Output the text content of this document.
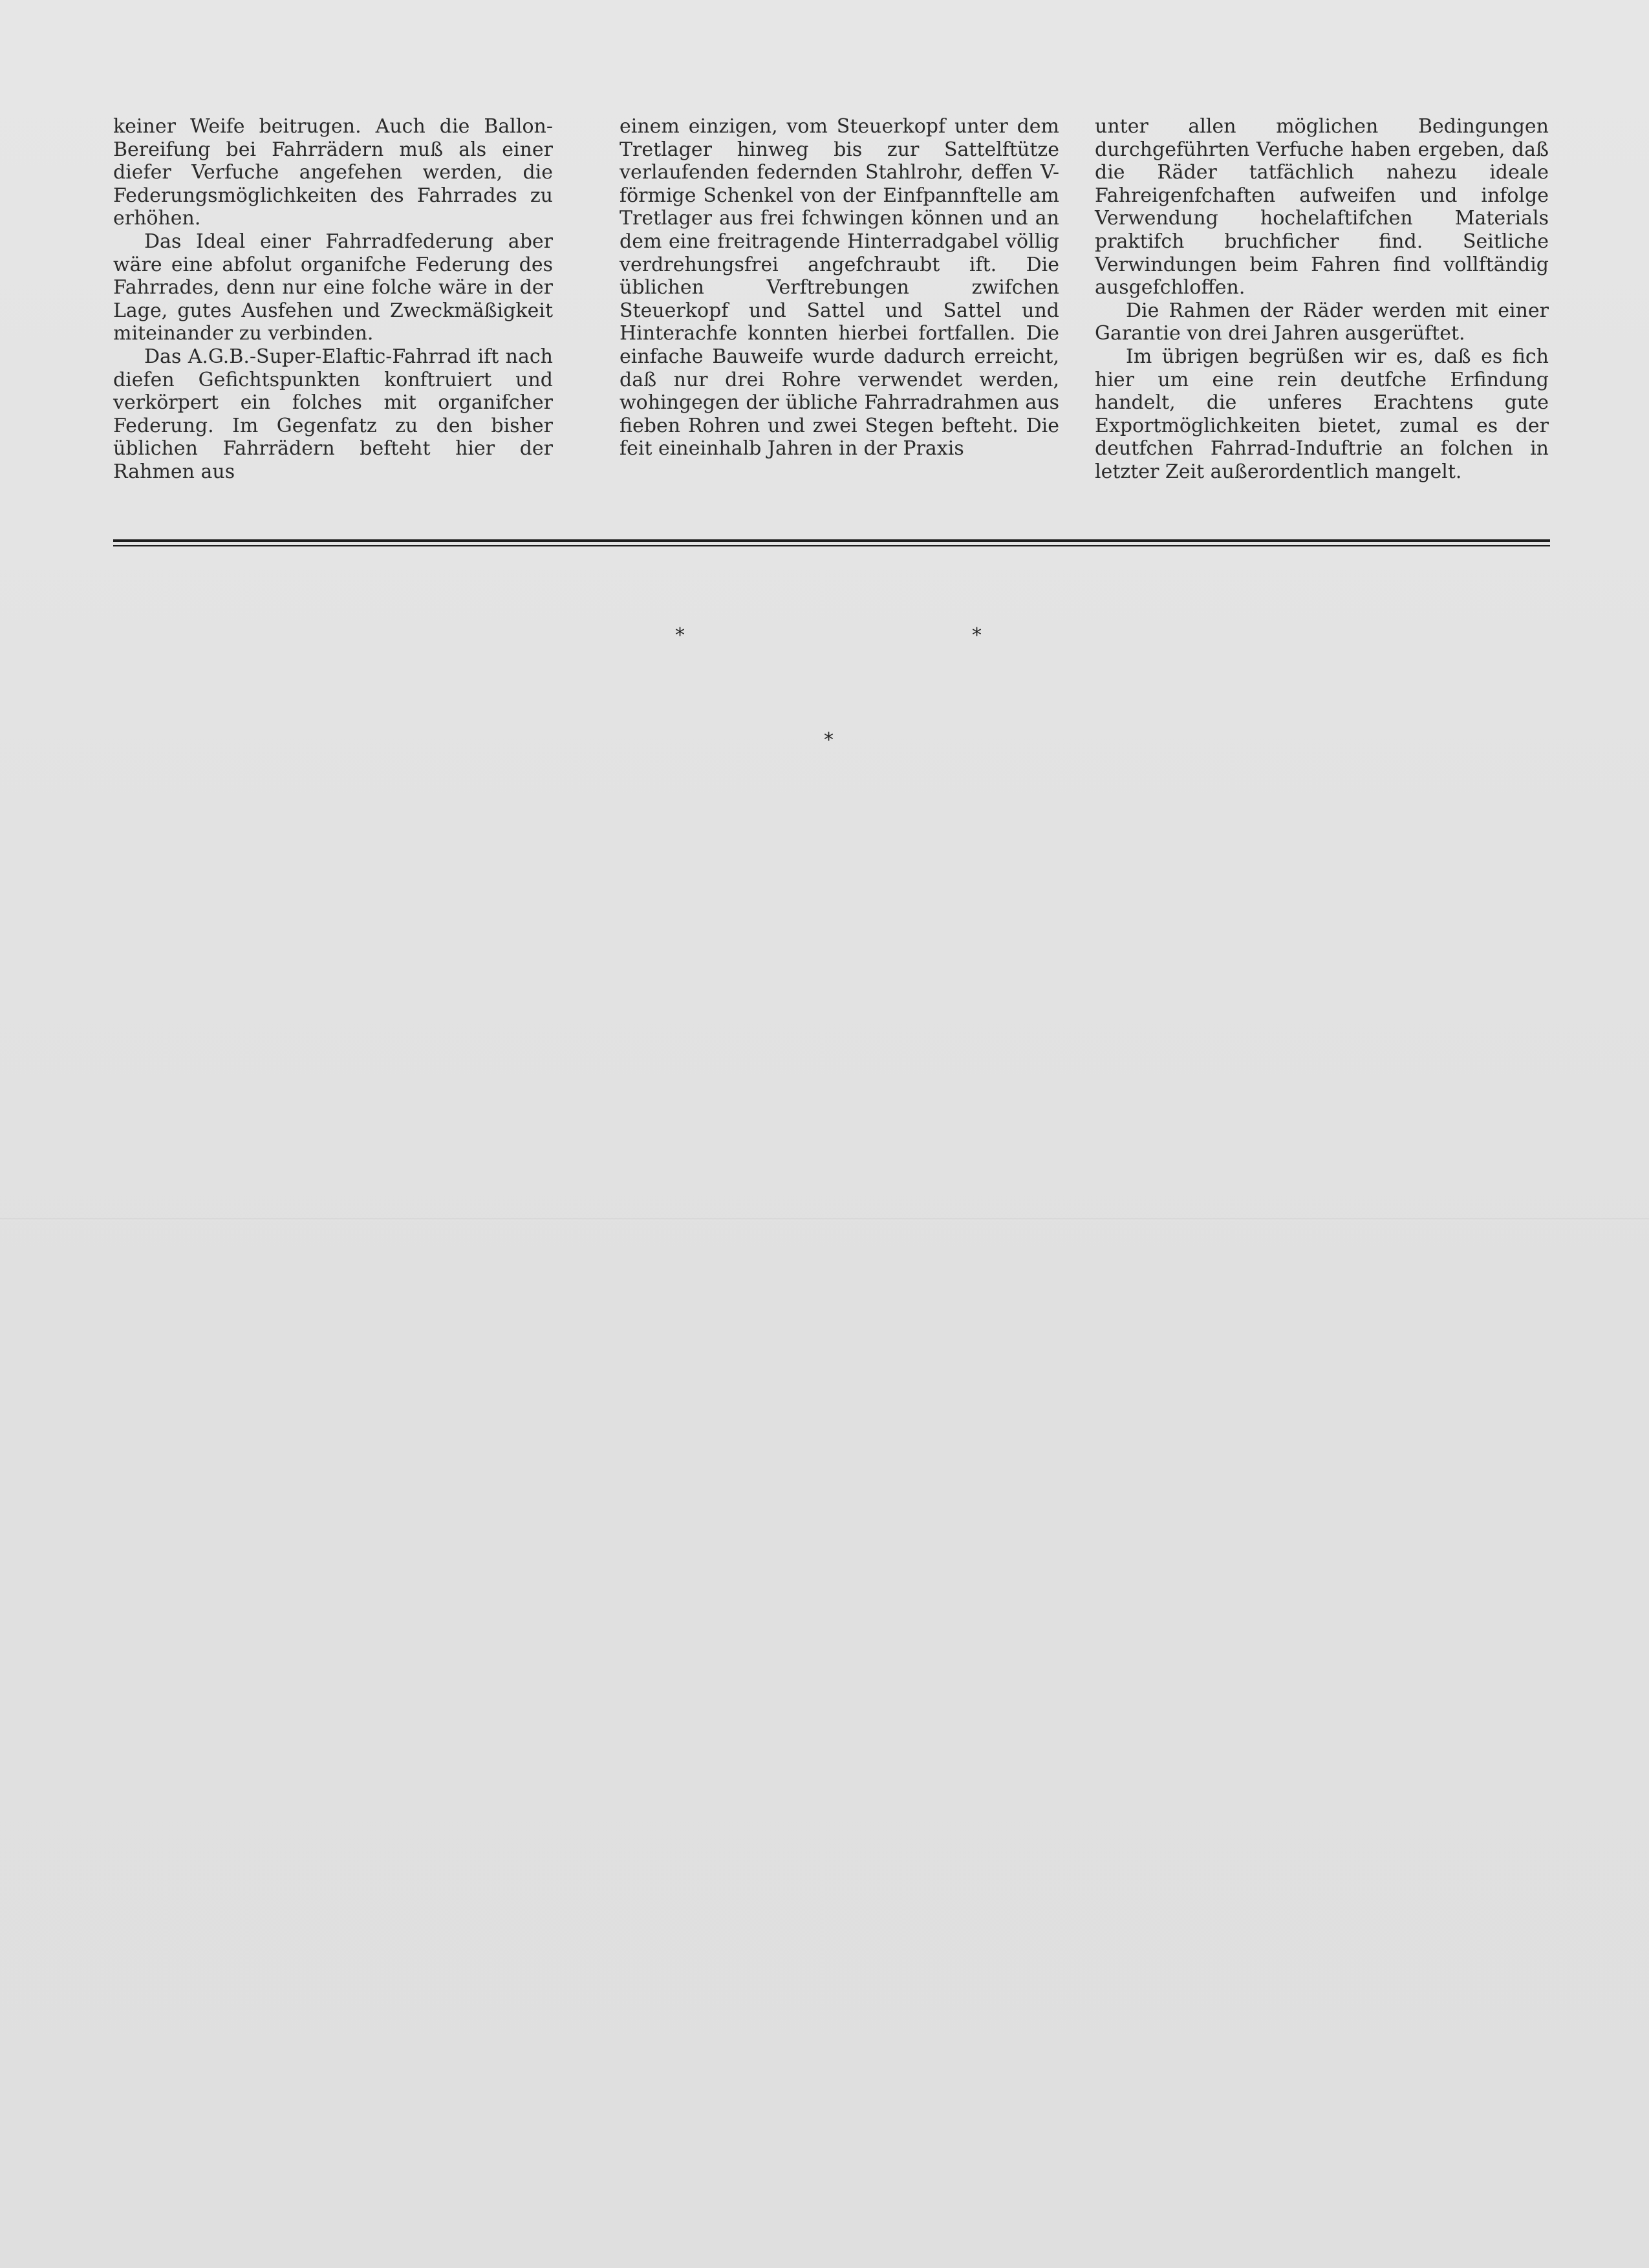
keiner Weife beitrugen. Auch die Ballon-Bereifung bei Fahrrädern muß als einer diefer Verfuche angefehen werden, die Federungsmöglichkeiten des Fahrrades zu erhöhen.

Das Ideal einer Fahrradfederung aber wäre eine abfolut organifche Federung des Fahrrades, denn nur eine folche wäre in der Lage, gutes Ausfehen und Zweckmäßigkeit miteinander zu verbinden.

Das A.G.B.-Super-Elaftic-Fahrrad ift nach diefen Gefichtspunkten konftruiert und verkörpert ein folches mit organifcher Federung. Im Gegenfatz zu den bisher üblichen Fahrrädern befteht hier der Rahmen aus

einem einzigen, vom Steuerkopf unter dem Tretlager hinweg bis zur Sattelftütze verlaufenden federnden Stahlrohr, deffen V-förmige Schenkel von der Einfpannftelle am Tretlager aus frei fchwingen können und an dem eine freitragende Hinterradgabel völlig verdrehungsfrei angefchraubt ift. Die üblichen Verftrebungen zwifchen Steuerkopf und Sattel und Sattel und Hinterachfe konnten hierbei fortfallen. Die einfache Bauweife wurde dadurch erreicht, daß nur drei Rohre verwendet werden, wohingegen der übliche Fahrradrahmen aus fieben Rohren und zwei Stegen befteht. Die feit eineinhalb Jahren in der Praxis

unter allen möglichen Bedingungen durchgeführten Verfuche haben ergeben, daß die Räder tatfächlich nahezu ideale Fahreigenfchaften aufweifen und infolge Verwendung hochelaftifchen Materials praktifch bruchficher find. Seitliche Verwindungen beim Fahren find vollftändig ausgefchloffen.

Die Rahmen der Räder werden mit einer Garantie von drei Jahren ausgerüftet.

Im übrigen begrüßen wir es, daß es fich hier um eine rein deutfche Erfindung handelt, die unferes Erachtens gute Exportmöglichkeiten bietet, zumal es der deutfchen Fahrrad-Induftrie an folchen in letzter Zeit außerordentlich mangelt.

*	*
*
